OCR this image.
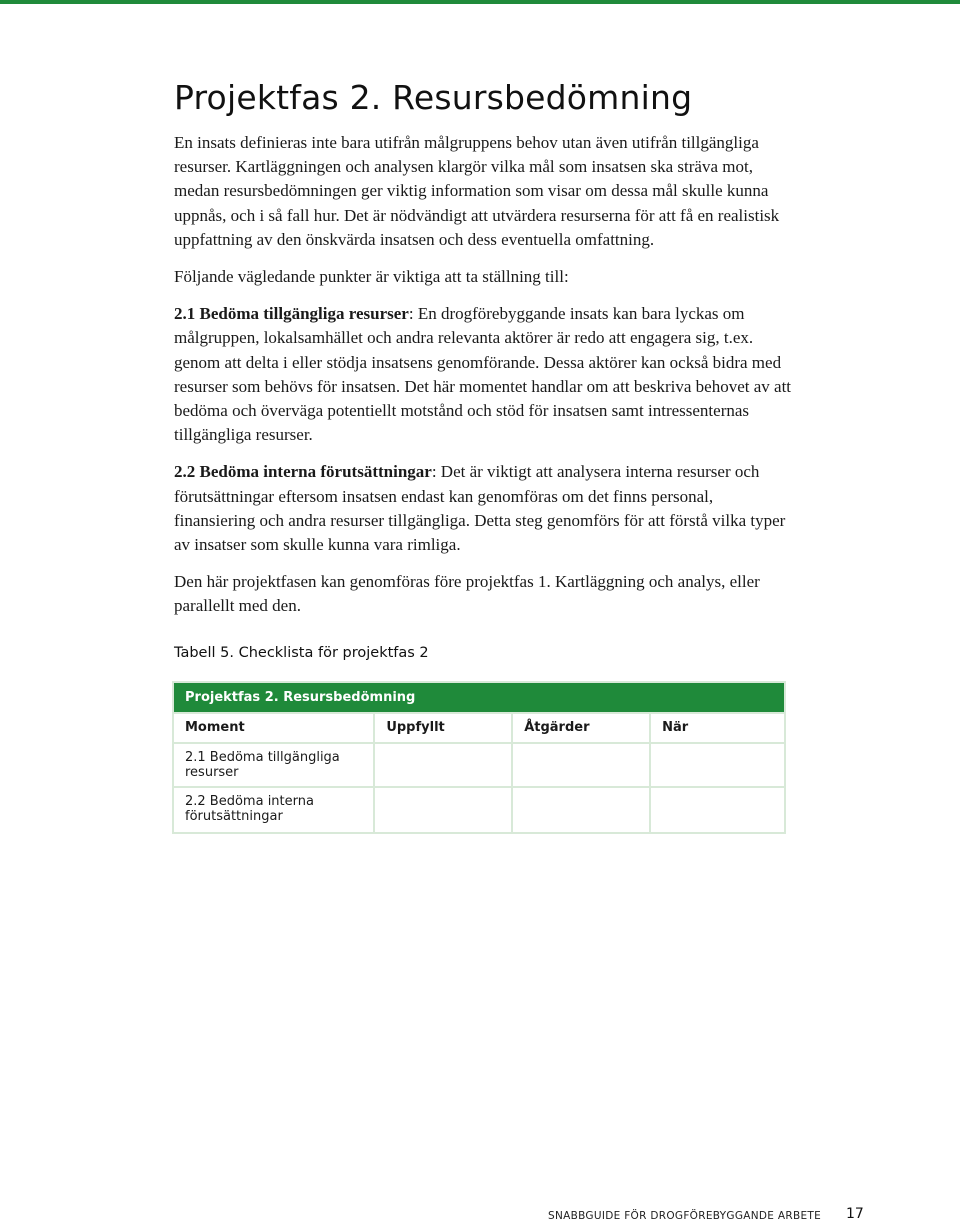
Projektfas 2. Resursbedömning

En insats definieras inte bara utifrån målgruppens behov utan även utifrån tillgängliga resurser. Kartläggningen och analysen klargör vilka mål som insatsen ska sträva mot, medan resursbedömningen ger viktig information som visar om dessa mål skulle kunna uppnås, och i så fall hur. Det är nödvändigt att utvärdera resurserna för att få en realistisk uppfattning av den önskvärda insatsen och dess eventuella omfattning.

Följande vägledande punkter är viktiga att ta ställning till:

2.1 Bedöma tillgängliga resurser: En drogförebyggande insats kan bara lyckas om målgruppen, lokalsamhället och andra relevanta aktörer är redo att engagera sig, t.ex. genom att delta i eller stödja insatsens genomförande. Dessa aktörer kan också bidra med resurser som behövs för insatsen. Det här momentet handlar om att beskriva behovet av att bedöma och överväga potentiellt motstånd och stöd för insatsen samt intressenternas tillgängliga resurser.

2.2 Bedöma interna förutsättningar: Det är viktigt att analysera interna resurser och förutsättningar eftersom insatsen endast kan genomföras om det finns personal, finansiering och andra resurser tillgängliga. Detta steg genomförs för att förstå vilka typer av insatser som skulle kunna vara rimliga.

Den här projektfasen kan genomföras före projektfas 1. Kartläggning och analys, eller parallellt med den.

Tabell 5. Checklista för projektfas 2
Projektfas 2. Resursbedömning			
Moment	Uppfyllt	Åtgärder	När
2.1 Bedöma tillgängliga resurser			
2.2 Bedöma interna förutsättningar			
SNABBGUIDE FÖR DROGFÖREBYGGANDE ARBETE 17
